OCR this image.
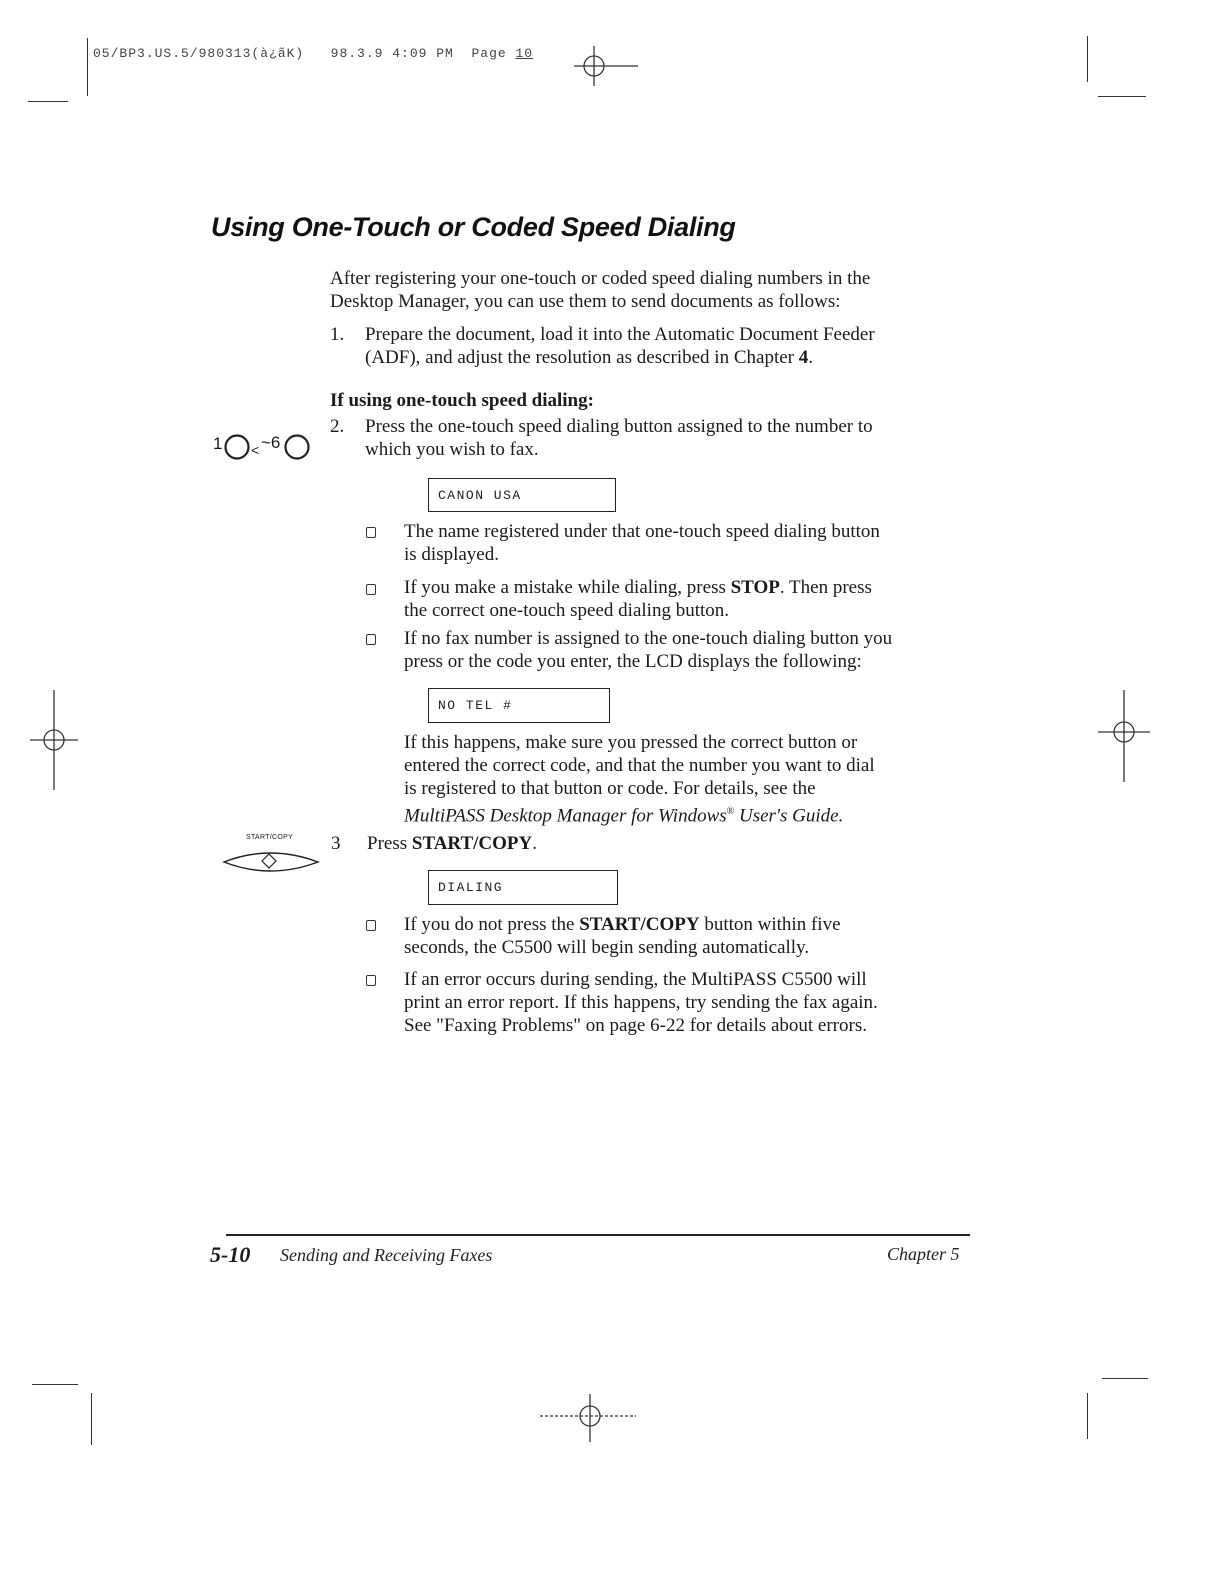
05/BP3.US.5/980313(à¿ãK) 98.3.9 4:09 PM Page 10
Using One-Touch or Coded Speed Dialing
After registering your one-touch or coded speed dialing numbers in the
Desktop Manager, you can use them to send documents as follows:
1. Prepare the document, load it into the Automatic Document Feeder
(ADF), and adjust the resolution as described in Chapter 4.
If using one-touch speed dialing:
1 < ~6
2. Press the one-touch speed dialing button assigned to the number to
which you wish to fax.
CANON USA
The name registered under that one-touch speed dialing button
is displayed.
If you make a mistake while dialing, press STOP. Then press
the correct one-touch speed dialing button.
If no fax number is assigned to the one-touch dialing button you
press or the code you enter, the LCD displays the following:
NO TEL #
If this happens, make sure you pressed the correct button or
entered the correct code, and that the number you want to dial
is registered to that button or code. For details, see the
MultiPASS Desktop Manager for Windows® User's Guide.
START/COPY 3 Press START/COPY.
DIALING
If you do not press the START/COPY button within five
seconds, the C5500 will begin sending automatically.
If an error occurs during sending, the MultiPASS C5500 will
print an error report. If this happens, try sending the fax again.
See "Faxing Problems" on page 6-22 for details about errors.
5-10 Sending and Receiving Faxes	Chapter 5
